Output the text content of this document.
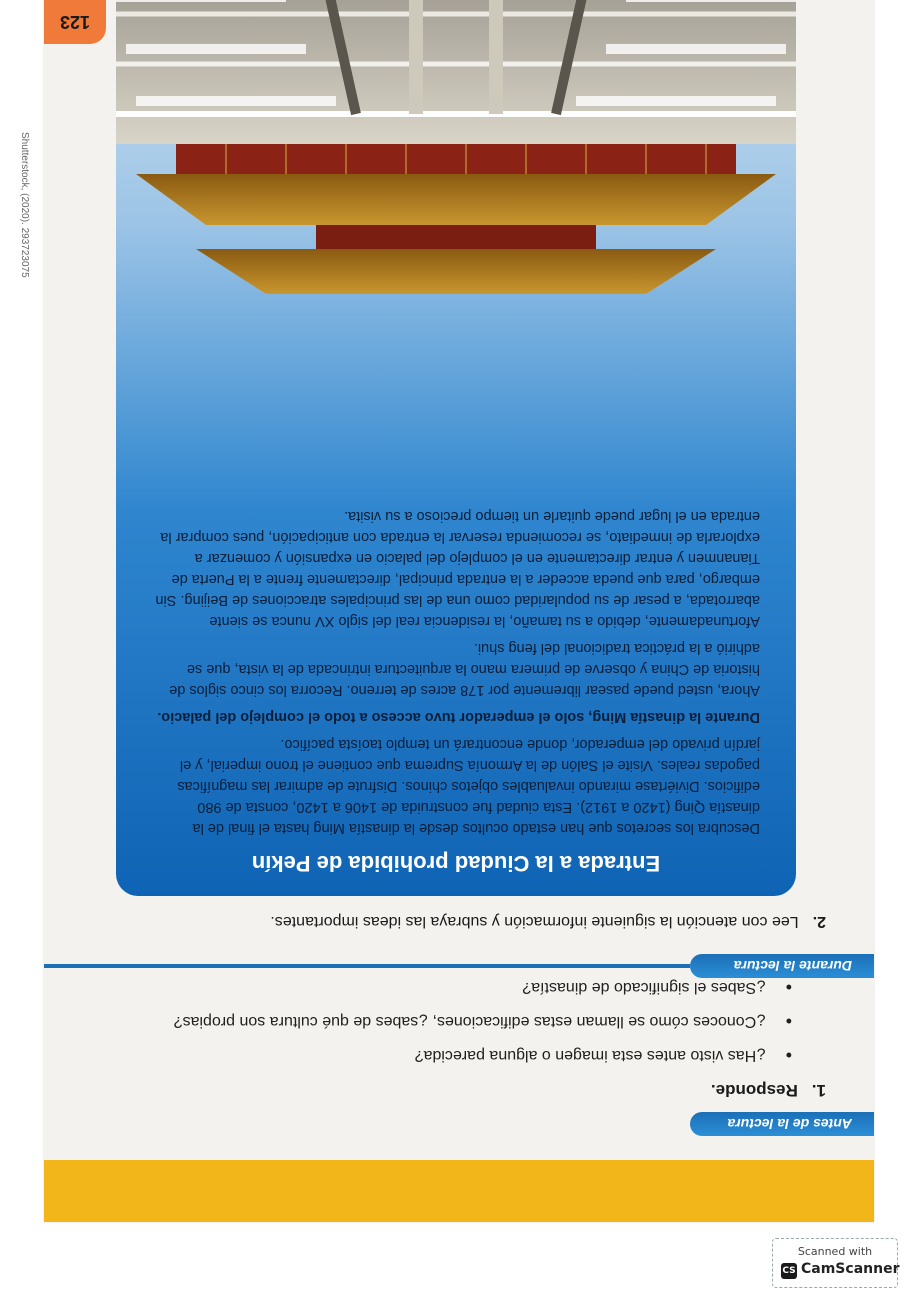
Antes de la lectura
1.Responde.
• ¿Has visto antes esta imagen o alguna parecida?
• ¿Conoces cómo se llaman estas edificaciones, ¿sabes de qué cultura son propias?
• ¿Sabes el significado de dinastía?
Durante la lectura
2.Lee con atención la siguiente información y subraya las ideas importantes.
Entrada a la Ciudad prohibida de Pekín

Descubra los secretos que han estado ocultos desde la dinastía Ming hasta el final de la dinastía Qing (1420 a 1912). Esta ciudad fue construida de 1406 a 1420, consta de 980 edificios. Diviértase mirando invaluables objetos chinos. Disfrute de admirar las magníficas pagodas reales. Visite el Salón de la Armonía Suprema que contiene el trono imperial, y el jardín privado del emperador, donde encontrará un templo taoísta pacífico.

Durante la dinastía Ming, solo el emperador tuvo acceso a todo el complejo del palacio.

Ahora, usted puede pasear libremente por 178 acres de terreno. Recorra los cinco siglos de historia de China y observe de primera mano la arquitectura intrincada de la vista, que se adhirió a la práctica tradicional del feng shui.

Afortunadamente, debido a su tamaño, la residencia real del siglo XV nunca se siente abarrotada, a pesar de su popularidad como una de las principales atracciones de Beijing. Sin embargo, para que pueda acceder a la entrada principal, directamente frente a la Puerta de Tiananmen y entrar directamente en el complejo del palacio en expansión y comenzar a explorarla de inmediato, se recomienda reservar la entrada con anticipación, pues comprar la entrada en el lugar puede quitarle un tiempo precioso a su visita.

Shutterstock, (2020). 293723075
123
Scanned with
CS CamScanner
